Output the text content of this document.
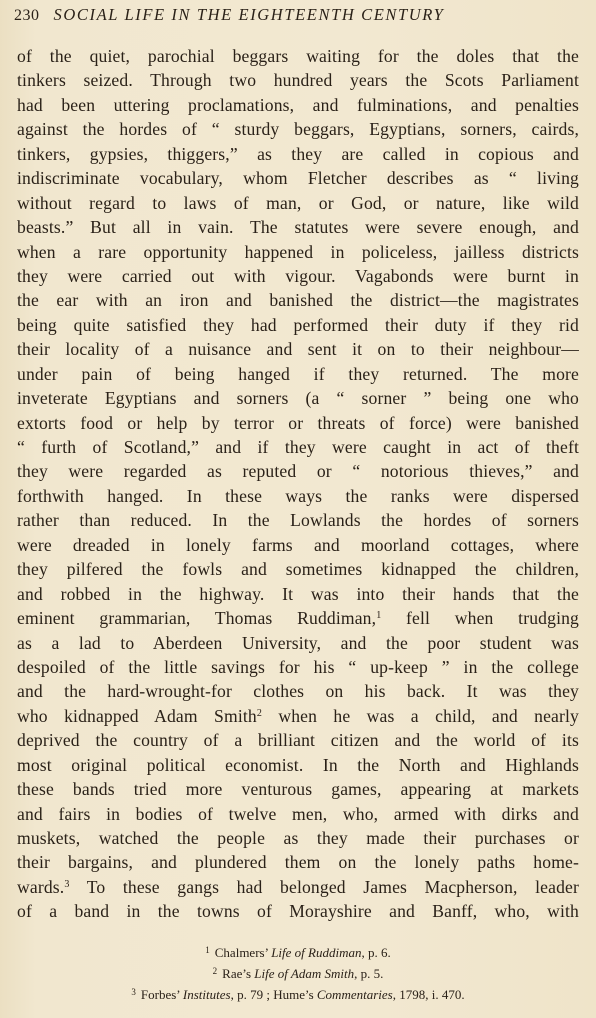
230 SOCIAL LIFE IN THE EIGHTEENTH CENTURY
of the quiet, parochial beggars waiting for the doles that the
tinkers seized. Through two hundred years the Scots Parliament
had been uttering proclamations, and fulminations, and penalties
against the hordes of “ sturdy beggars, Egyptians, sorners, cairds,
tinkers, gypsies, thiggers,” as they are called in copious and
indiscriminate vocabulary, whom Fletcher describes as “ living
without regard to laws of man, or God, or nature, like wild
beasts.” But all in vain. The statutes were severe enough, and
when a rare opportunity happened in policeless, jailless districts
they were carried out with vigour. Vagabonds were burnt in
the ear with an iron and banished the district—the magistrates
being quite satisfied they had performed their duty if they rid
their locality of a nuisance and sent it on to their neighbour—
under pain of being hanged if they returned. The more
inveterate Egyptians and sorners (a “ sorner ” being one who
extorts food or help by terror or threats of force) were banished
“ furth of Scotland,” and if they were caught in act of theft
they were regarded as reputed or “ notorious thieves,” and
forthwith hanged. In these ways the ranks were dispersed
rather than reduced. In the Lowlands the hordes of sorners
were dreaded in lonely farms and moorland cottages, where
they pilfered the fowls and sometimes kidnapped the children,
and robbed in the highway. It was into their hands that the
eminent grammarian, Thomas Ruddiman,$^1$ fell when trudging
as a lad to Aberdeen University, and the poor student was
despoiled of the little savings for his “ up-keep ” in the college
and the hard-wrought-for clothes on his back. It was they
who kidnapped Adam Smith$^2$ when he was a child, and nearly
deprived the country of a brilliant citizen and the world of its
most original political economist. In the North and Highlands
these bands tried more venturous games, appearing at markets
and fairs in bodies of twelve men, who, armed with dirks and
muskets, watched the people as they made their purchases or
their bargains, and plundered them on the lonely paths home-
wards.$^3$ To these gangs had belonged James Macpherson, leader
of a band in the towns of Morayshire and Banff, who, with
$^1$ Chalmers’ Life of Ruddiman, p. 6.
$^2$ Rae’s Life of Adam Smith, p. 5.
$^3$ Forbes’ Institutes, p. 79 ; Hume’s Commentaries, 1798, i. 470.
